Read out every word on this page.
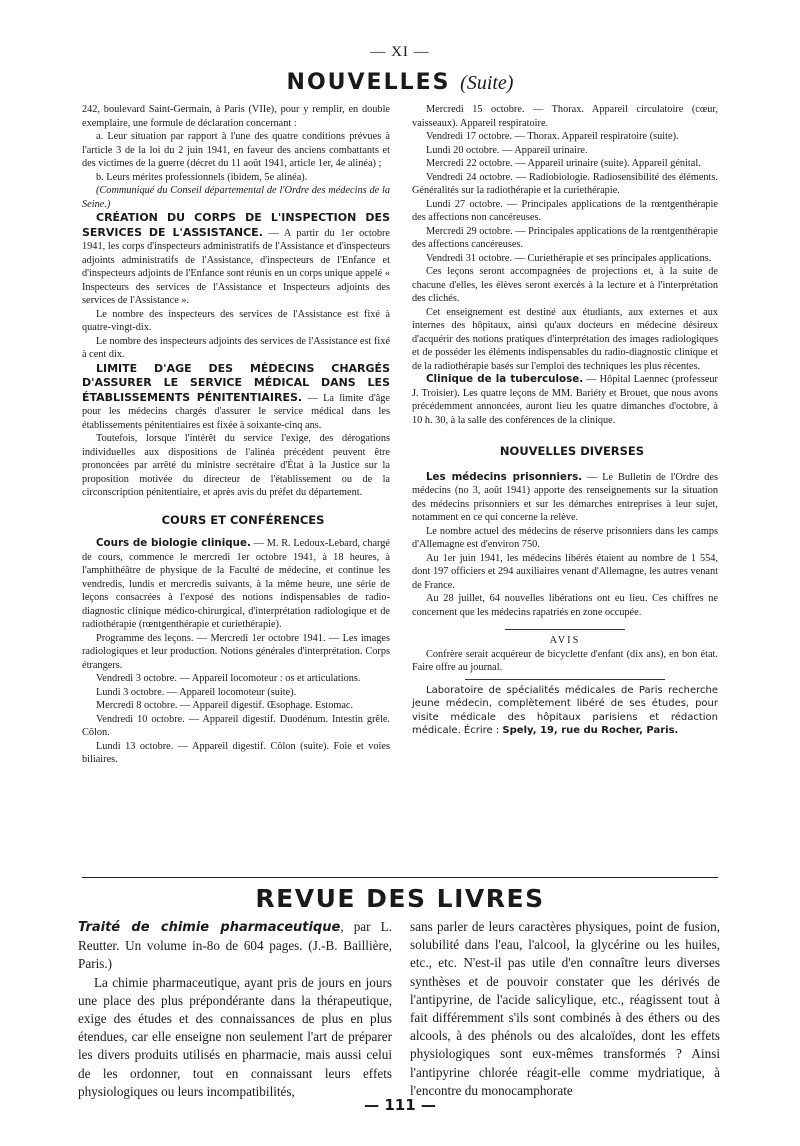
— XI —
NOUVELLES (Suite)

242, boulevard Saint-Germain, à Paris (VIIe), pour y remplir, en double exemplaire, une formule de déclaration concernant :

a. Leur situation par rapport à l'une des quatre conditions prévues à l'article 3 de la loi du 2 juin 1941, en faveur des anciens combattants et des victimes de la guerre (décret du 11 août 1941, article 1er, 4e alinéa) ;

b. Leurs mérites professionnels (ibidem, 5e alinéa).

(Communiqué du Conseil départemental de l'Ordre des médecins de la Seine.)

CRÉATION DU CORPS DE L'INSPECTION DES SERVICES DE L'ASSISTANCE. — A partir du 1er octobre 1941, les corps d'inspecteurs administratifs de l'Assistance et d'inspecteurs adjoints administratifs de l'Assistance, d'inspecteurs de l'Enfance et d'inspecteurs adjoints de l'Enfance sont réunis en un corps unique appelé « Inspecteurs des services de l'Assistance et Inspecteurs adjoints des services de l'Assistance ».

Le nombre des inspecteurs des services de l'Assistance est fixé à quatre-vingt-dix.

Le nombre des inspecteurs adjoints des services de l'Assistance est fixé à cent dix.

LIMITE D'AGE DES MÉDECINS CHARGÉS D'ASSURER LE SERVICE MÉDICAL DANS LES ÉTABLISSEMENTS PÉNITENTIAIRES. — La limite d'âge pour les médecins chargés d'assurer le service médical dans les établissements pénitentiaires est fixée à soixante-cinq ans.

Toutefois, lorsque l'intérêt du service l'exige, des dérogations individuelles aux dispositions de l'alinéa précédent peuvent être prononcées par arrêté du ministre secrétaire d'État à la Justice sur la proposition motivée du directeur de l'établissement ou de la circonscription pénitentiaire, et après avis du préfet du département.

COURS ET CONFÉRENCES

Cours de biologie clinique. — M. R. Ledoux-Lebard, chargé de cours, commence le mercredi 1er octobre 1941, à 18 heures, à l'amphithéâtre de physique de la Faculté de médecine, et continue les vendredis, lundis et mercredis suivants, à la même heure, une série de leçons consacrées à l'exposé des notions indispensables de radio-diagnostic clinique médico-chirurgical, d'interprétation radiologique et de radiothérapie (rœntgenthérapie et curiethérapie).

Programme des leçons. — Mercredi 1er octobre 1941. — Les images radiologiques et leur production. Notions générales d'interprétation. Corps étrangers.

Vendredi 3 octobre. — Appareil locomoteur : os et articulations.

Lundi 3 octobre. — Appareil locomoteur (suite).

Mercredi 8 octobre. — Appareil digestif. Œsophage. Estomac.

Vendredi 10 octobre. — Appareil digestif. Duodénum. Intestin grêle. Côlon.

Lundi 13 octobre. — Appareil digestif. Côlon (suite). Foie et voies biliaires.

Mercredi 15 octobre. — Thorax. Appareil circulatoire (cœur, vaisseaux). Appareil respiratoire.

Vendredi 17 octobre. — Thorax. Appareil respiratoire (suite).

Lundi 20 octobre. — Appareil urinaire.

Mercredi 22 octobre. — Appareil urinaire (suite). Appareil génital.

Vendredi 24 octobre. — Radiobiologie. Radiosensibilité des éléments. Généralités sur la radiothérapie et la curiethérapie.

Lundi 27 octobre. — Principales applications de la rœntgenthérapie des affections non cancéreuses.

Mercredi 29 octobre. — Principales applications de la rœntgenthérapie des affections cancéreuses.

Vendredi 31 octobre. — Curiethérapie et ses principales applications.

Ces leçons seront accompagnées de projections et, à la suite de chacune d'elles, les élèves seront exercés à la lecture et à l'interprétation des clichés.

Cet enseignement est destiné aux étudiants, aux externes et aux internes des hôpitaux, ainsi qu'aux docteurs en médecine désireux d'acquérir des notions pratiques d'interprétation des images radiologiques et de posséder les éléments indispensables du radio-diagnostic clinique et de la radiothérapie basés sur l'emploi des techniques les plus récentes.

Clinique de la tuberculose. — Hôpital Laennec (professeur J. Troisier). Les quatre leçons de MM. Bariéty et Brouet, que nous avons précédemment annoncées, auront lieu les quatre dimanches d'octobre, à 10 h. 30, à la salle des conférences de la clinique.

NOUVELLES DIVERSES

Les médecins prisonniers. — Le Bulletin de l'Ordre des médecins (no 3, août 1941) apporte des renseignements sur la situation des médecins prisonniers et sur les démarches entreprises à leur sujet, notamment en ce qui concerne la relève.

Le nombre actuel des médecins de réserve prisonniers dans les camps d'Allemagne est d'environ 750.

Au 1er juin 1941, les médecins libérés étaient au nombre de 1 554, dont 197 officiers et 294 auxiliaires venant d'Allemagne, les autres venant de France.

Au 28 juillet, 64 nouvelles libérations ont eu lieu. Ces chiffres ne concernent que les médecins rapatriés en zone occupée.

AVIS

Confrère serait acquéreur de bicyclette d'enfant (dix ans), en bon état. Faire offre au journal.

Laboratoire de spécialités médicales de Paris recherche jeune médecin, complètement libéré de ses études, pour visite médicale des hôpitaux parisiens et rédaction médicale. Écrire : Spely, 19, rue du Rocher, Paris.

REVUE DES LIVRES

Traité de chimie pharmaceutique, par L. Reutter. Un volume in-8o de 604 pages. (J.-B. Baillière, Paris.)

La chimie pharmaceutique, ayant pris de jours en jours une place des plus prépondérante dans la thérapeutique, exige des études et des connaissances de plus en plus étendues, car elle enseigne non seulement l'art de préparer les divers produits utilisés en pharmacie, mais aussi celui de les ordonner, tout en connaissant leurs effets physiologiques ou leurs incompatibilités,

sans parler de leurs caractères physiques, point de fusion, solubilité dans l'eau, l'alcool, la glycérine ou les huiles, etc., etc. N'est-il pas utile d'en connaître leurs diverses synthèses et de pouvoir constater que les dérivés de l'antipyrine, de l'acide salicylique, etc., réagissent tout à fait différemment s'ils sont combinés à des éthers ou des alcools, à des phénols ou des alcaloïdes, dont les effets physiologiques sont eux-mêmes transformés ? Ainsi l'antipyrine chlorée réagit-elle comme mydriatique, à l'encontre du monocamphorate

— 111 —
